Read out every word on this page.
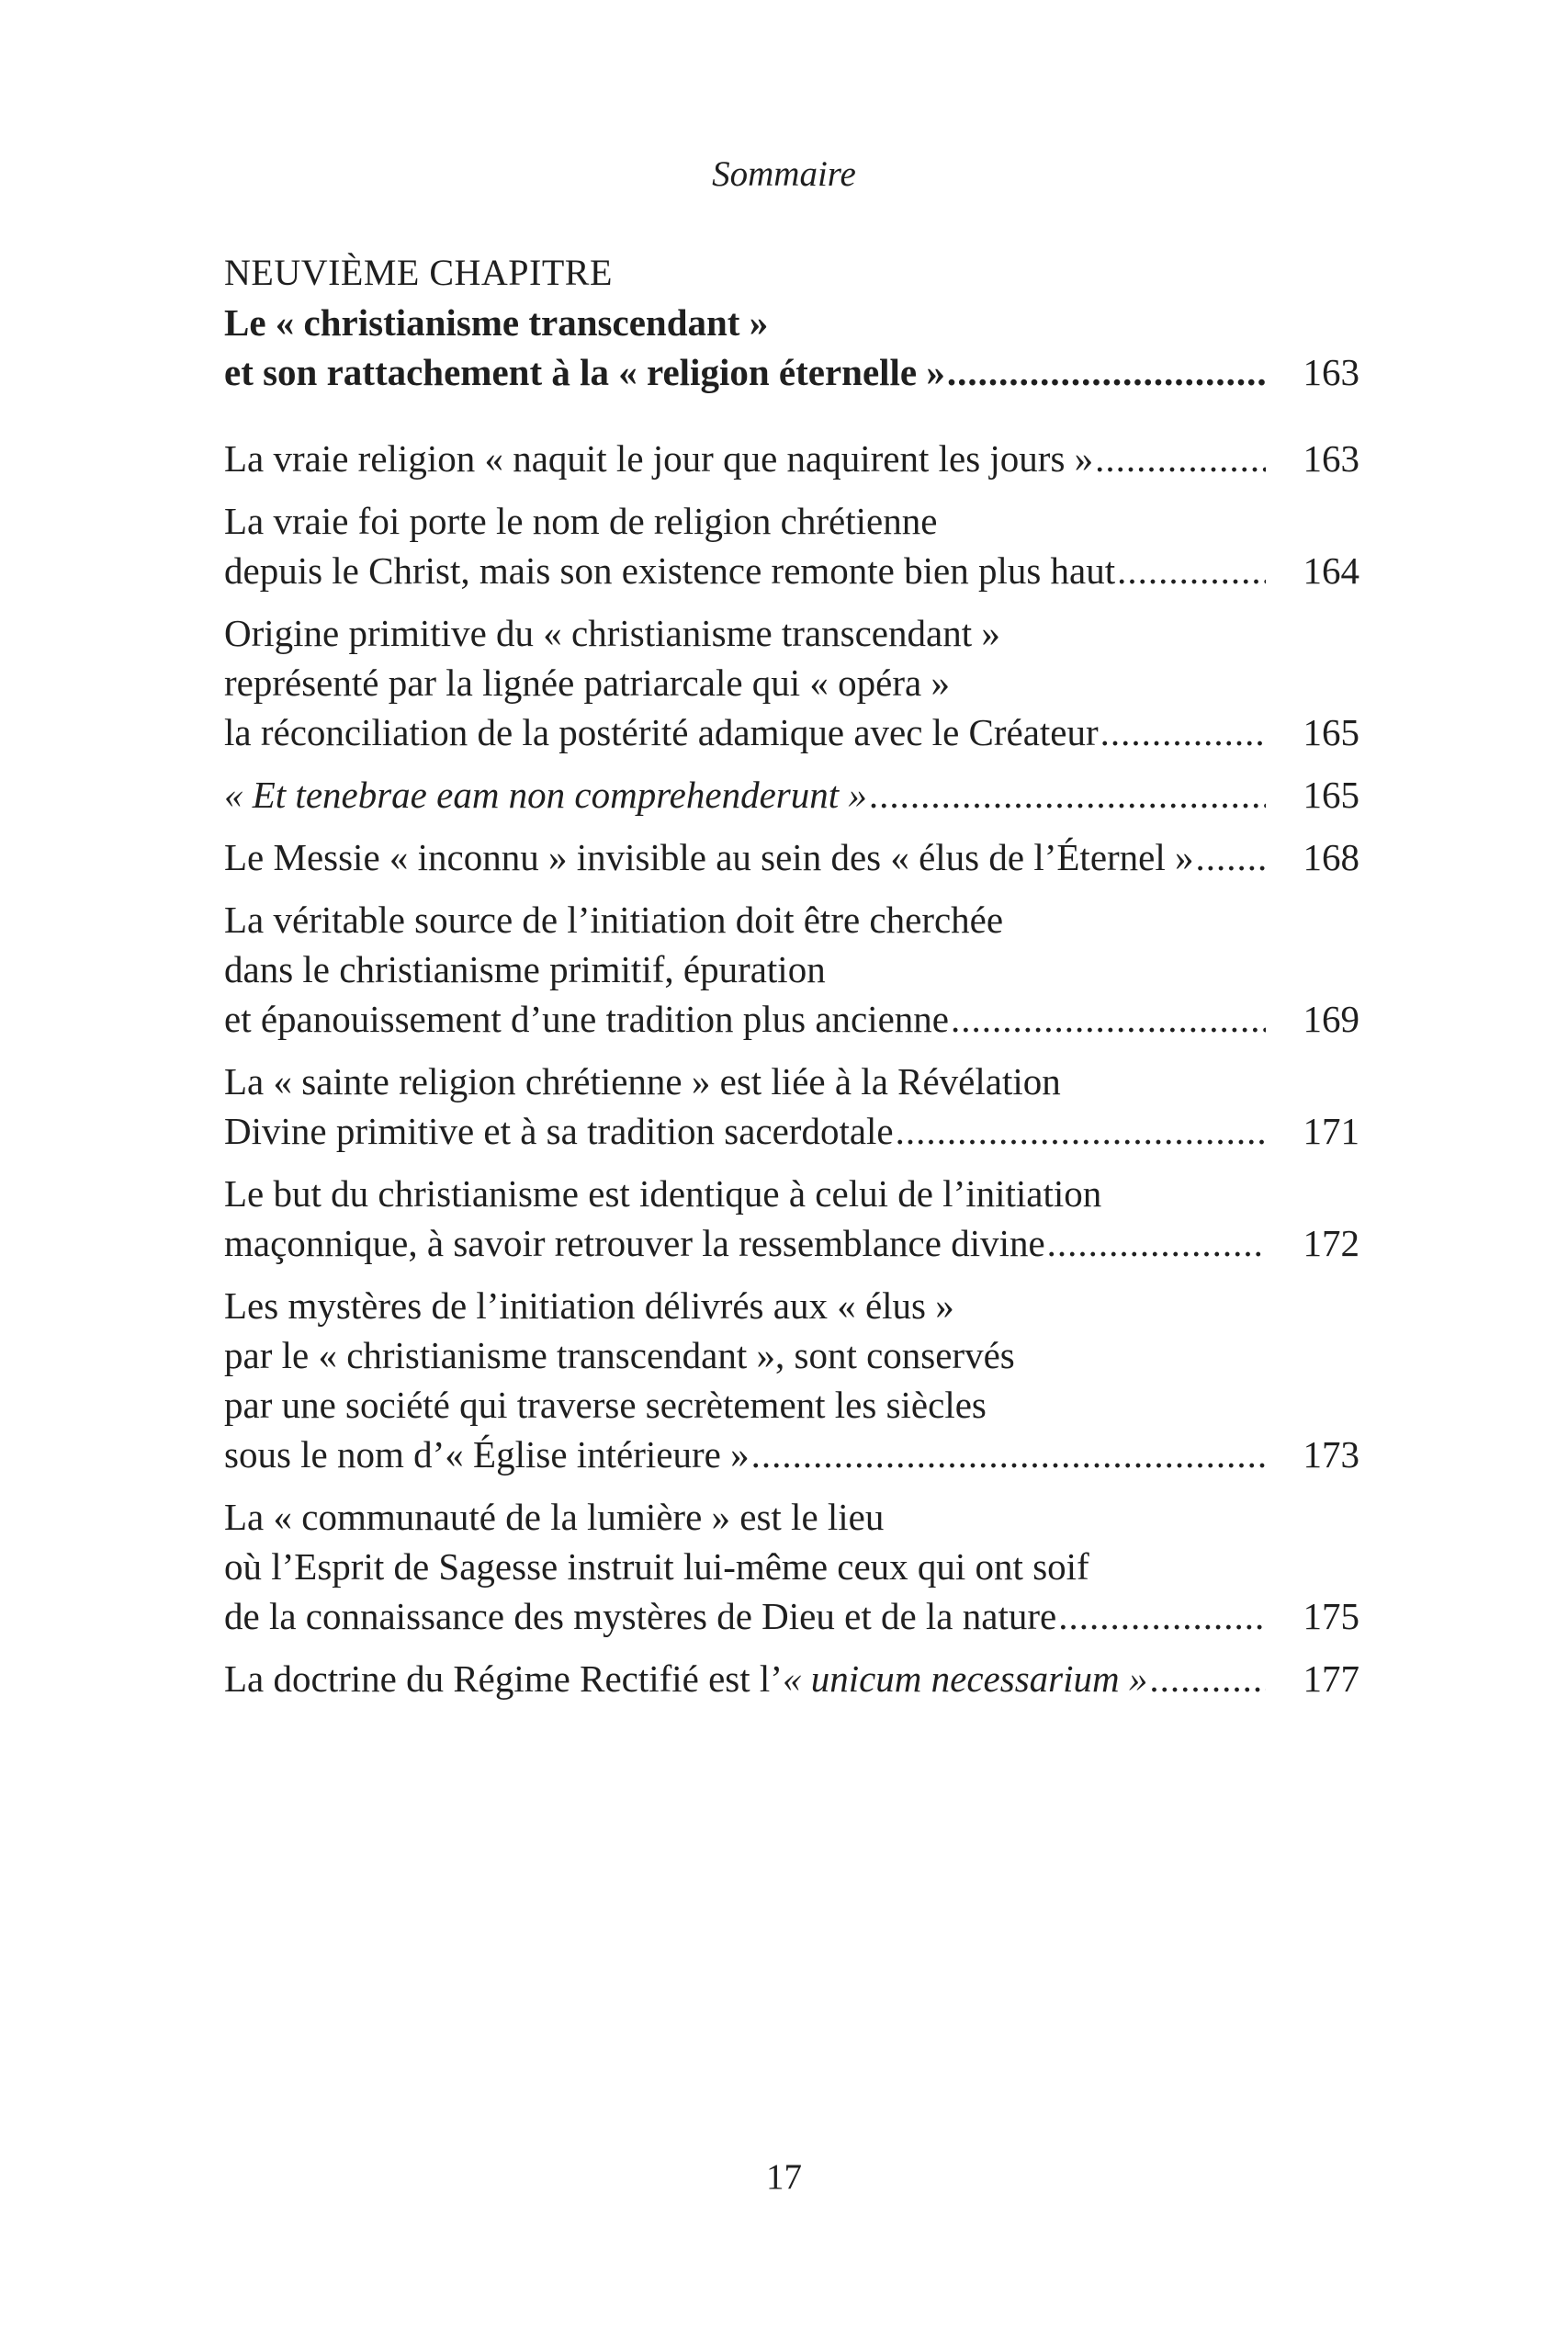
Sommaire

NEUVIÈME CHAPITRE

Le « christianisme transcendant »

et son rattachement à la « religion éternelle » .....	163
La vraie religion « naquit le jour que naquirent les jours » .....	163
La vraie foi porte le nom de religion chrétienne
depuis le Christ, mais son existence remonte bien plus haut .....	164
Origine primitive du « christianisme transcendant »
représenté par la lignée patriarcale qui « opéra »
la réconciliation de la postérité adamique avec le Créateur .....	165
« Et tenebrae eam non comprehenderunt » .....	165
Le Messie « inconnu » invisible au sein des « élus de l’Éternel » .....	168
La véritable source de l’initiation doit être cherchée
dans le christianisme primitif, épuration
et épanouissement d’une tradition plus ancienne .....	169
La « sainte religion chrétienne » est liée à la Révélation
Divine primitive et à sa tradition sacerdotale .....	171
Le but du christianisme est identique à celui de l’initiation
maçonnique, à savoir retrouver la ressemblance divine .....	172
Les mystères de l’initiation délivrés aux « élus »
par le « christianisme transcendant », sont conservés
par une société qui traverse secrètement les siècles
sous le nom d’« Église intérieure » .....	173
La « communauté de la lumière » est le lieu
où l’Esprit de Sagesse instruit lui-même ceux qui ont soif
de la connaissance des mystères de Dieu et de la nature .....	175
La doctrine du Régime Rectifié est l’ « unicum necessarium » .....	177
17
